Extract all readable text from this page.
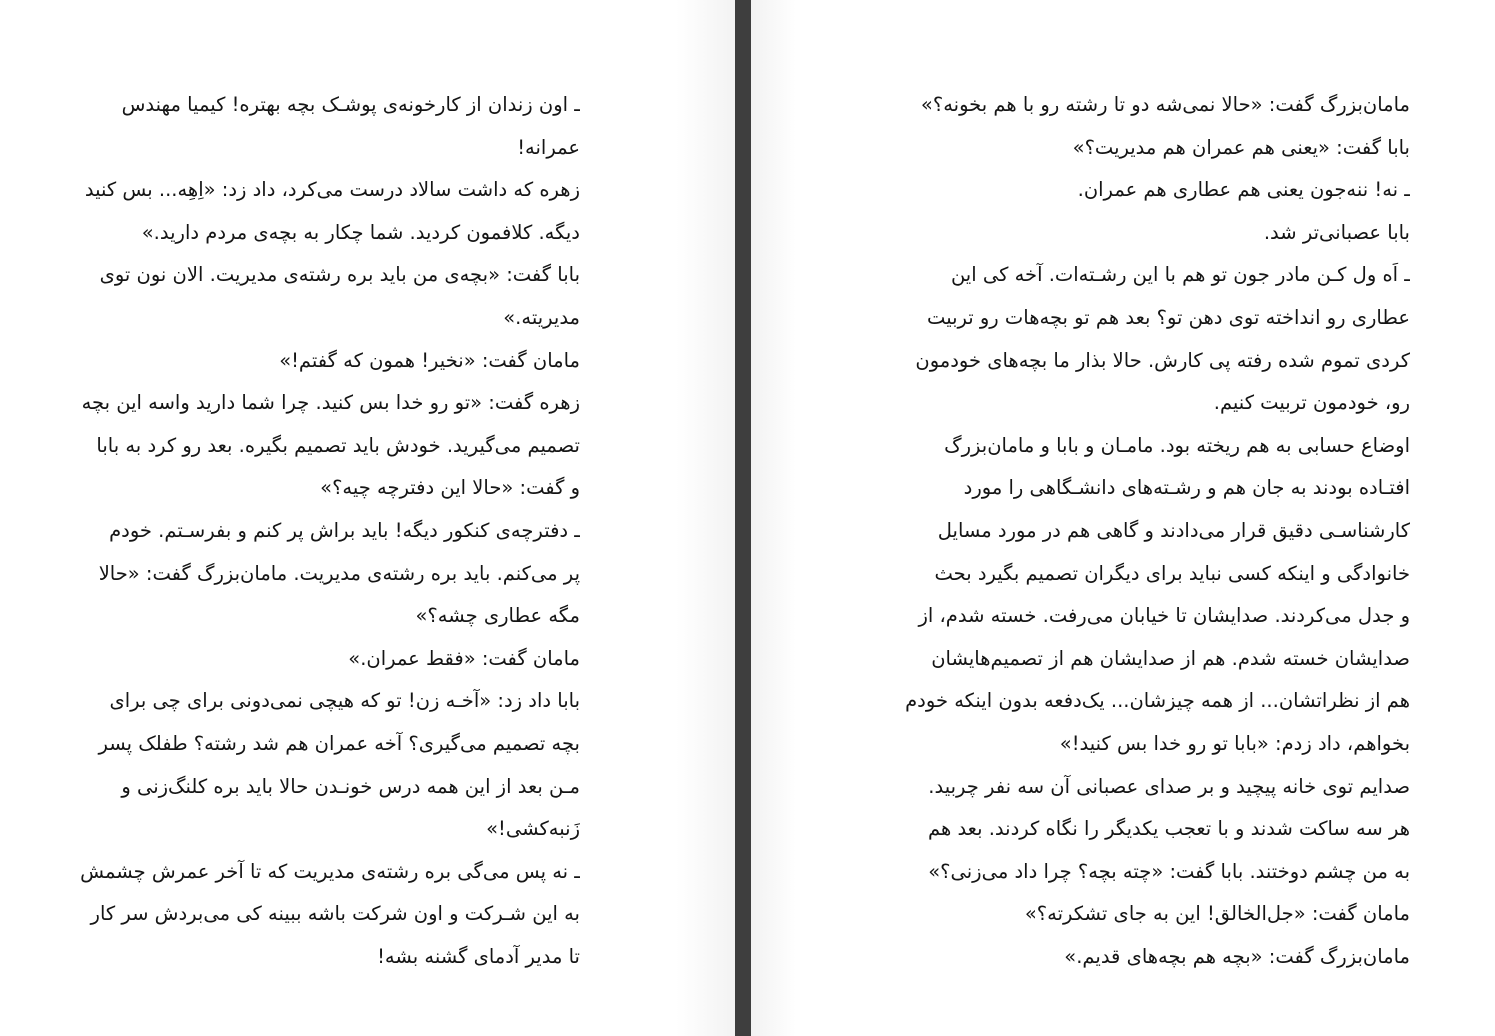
ـ اون زندان از کارخونه‌ی پوشـک بچه بهتره! کیمیا مهندس
عمرانه!
زهره که داشت سالاد درست می‌کرد، داد زد: «اِهِه... بس کنید
دیگه. کلافمون کردید. شما چکار به بچه‌ی مردم دارید.»
بابا گفت: «بچه‌ی من باید بره رشته‌ی مدیریت. الان نون توی
مدیریته.»
مامان گفت: «نخیر! همون که گفتم!»
زهره گفت: «تو رو خدا بس کنید. چرا شما دارید واسه این بچه
تصمیم می‌گیرید. خودش باید تصمیم بگیره. بعد رو کرد به بابا
و گفت: «حالا این دفترچه چیه؟»
ـ دفترچه‌ی کنکور دیگه! باید براش پر کنم و بفرسـتم. خودم
پر می‌کنم. باید بره رشته‌ی مدیریت. مامان‌بزرگ گفت: «حالا
مگه عطاری چشه؟»
مامان گفت: «فقط عمران.»
بابا داد زد: «آخـه زن! تو که هیچی نمی‌دونی برای چی برای
بچه تصمیم می‌گیری؟ آخه عمران هم شد رشته؟ طفلک پسر
مـن بعد از این همه درس خونـدن حالا باید بره کلنگ‌زنی و
زَنبه‌کشی!»
ـ نه پس می‌گی بره رشته‌ی مدیریت که تا آخر عمرش چشمش
به این شـرکت و اون شرکت باشه ببینه کی می‌بردش سر کار
تا مدیر آدمای گشنه بشه!
مامان‌بزرگ گفت: «حالا نمی‌شه دو تا رشته رو با هم بخونه؟»
بابا گفت: «یعنی هم عمران هم مدیریت؟»
ـ نه! ننه‌جون یعنی هم عطاری هم عمران.
بابا عصبانی‌تر شد.
ـ اَه ول کـن مادر جون تو هم با این رشـته‌ات. آخه کی این
عطاری رو انداخته توی دهن تو؟ بعد هم تو بچه‌هات رو تربیت
کردی تموم شده رفته پی کارش. حالا بذار ما بچه‌های خودمون
رو، خودمون تربیت کنیم.
اوضاع حسابی به هم ریخته بود. مامـان و بابا و مامان‌بزرگ
افتـاده بودند به جان هم و رشـته‌های دانشـگاهی را مورد
کارشناسـی دقیق قرار می‌دادند و گاهی هم در مورد مسایل
خانوادگی و اینکه کسی نباید برای دیگران تصمیم بگیرد بحث
و جدل می‌کردند. صدایشان تا خیابان می‌رفت. خسته شدم، از
صدایشان خسته شدم. هم از صدایشان هم از تصمیم‌هایشان
هم از نظراتشان... از همه چیزشان... یک‌دفعه بدون اینکه خودم
بخواهم، داد زدم: «بابا تو رو خدا بس کنید!»
صدایم توی خانه پیچید و بر صدای عصبانی آن سه نفر چربید.
هر سه ساکت شدند و با تعجب یکدیگر را نگاه کردند. بعد هم
به من چشم دوختند. بابا گفت: «چته بچه؟ چرا داد می‌زنی؟»
مامان گفت: «جل‌الخالق! این به جای تشکرته؟»
مامان‌بزرگ گفت: «بچه هم بچه‌های قدیم.»
